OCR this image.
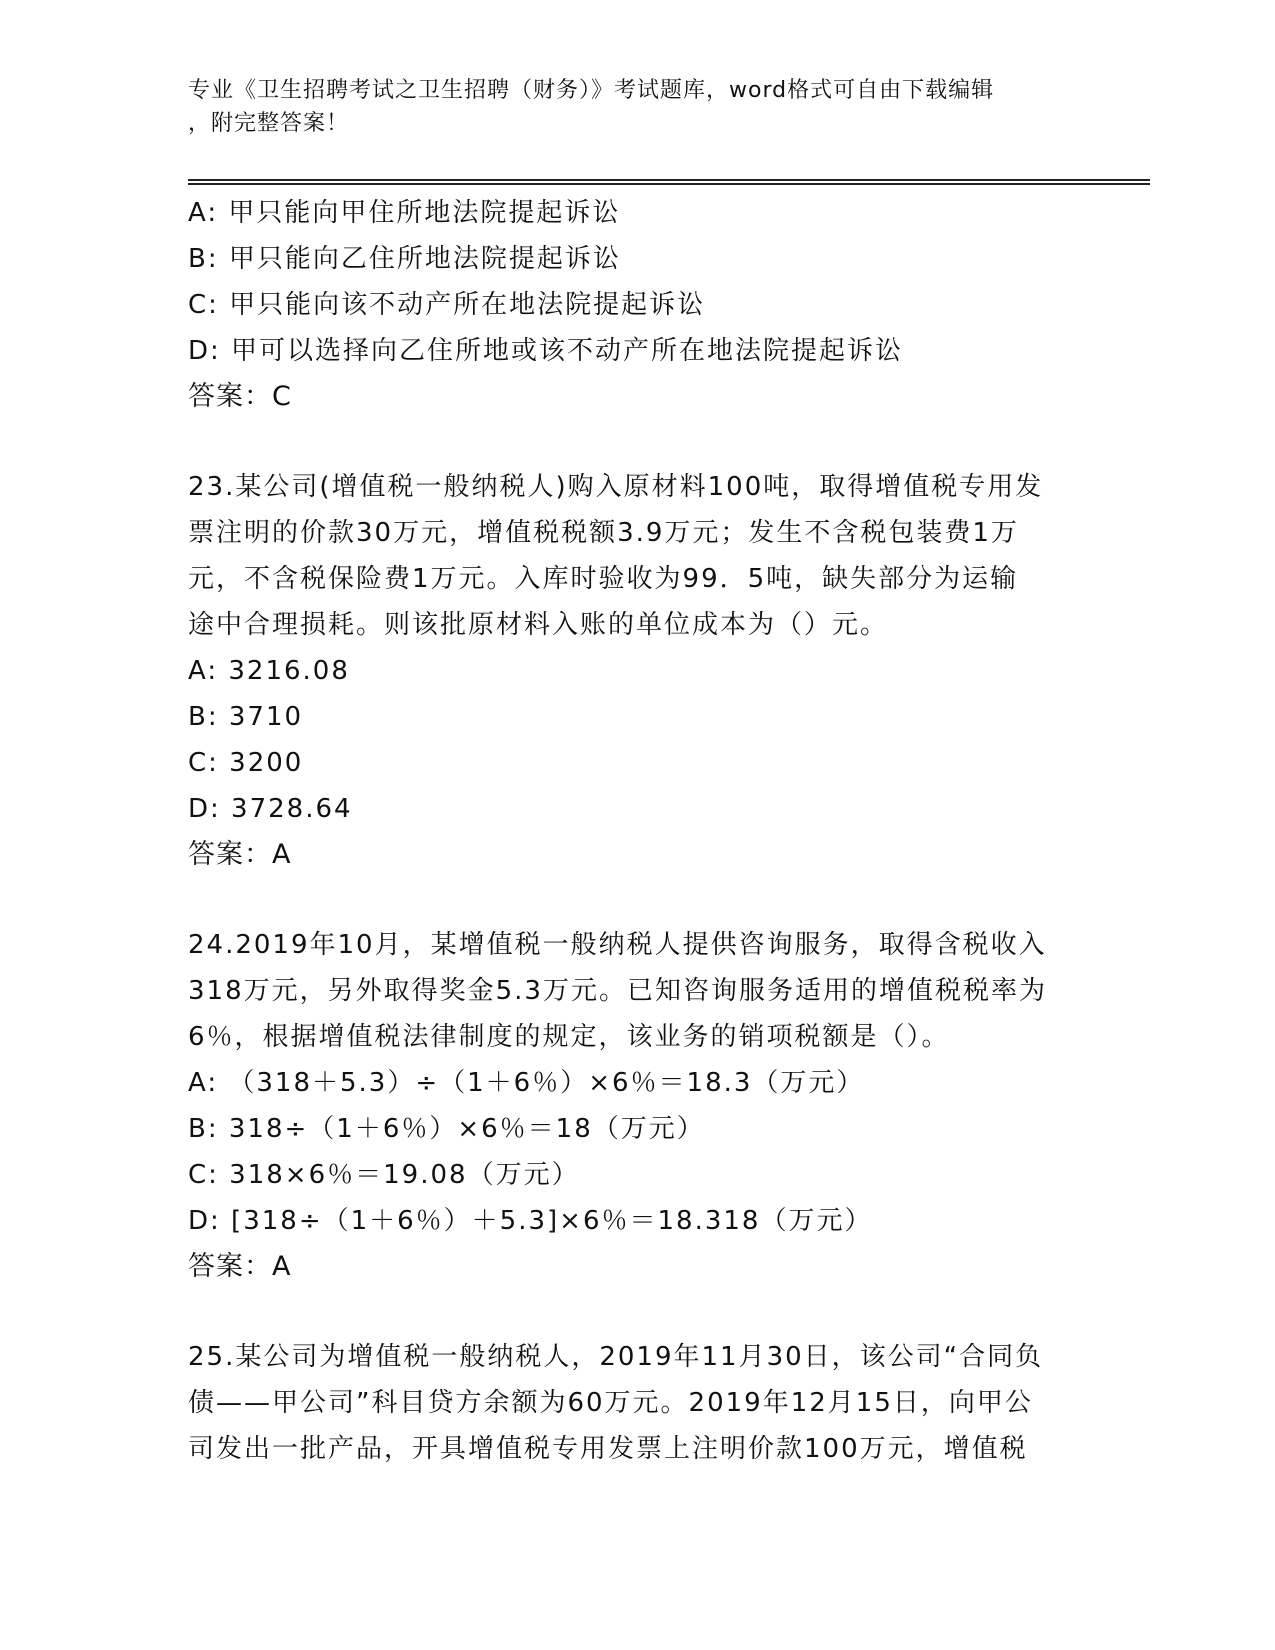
专业《卫生招聘考试之卫生招聘（财务）》考试题库，word格式可自由下载编辑
，附完整答案！
A: 甲只能向甲住所地法院提起诉讼
B: 甲只能向乙住所地法院提起诉讼
C: 甲只能向该不动产所在地法院提起诉讼
D: 甲可以选择向乙住所地或该不动产所在地法院提起诉讼
答案：C
23.某公司(增值税一般纳税人)购入原材料100吨，取得增值税专用发
票注明的价款30万元，增值税税额3.9万元；发生不含税包装费1万
元，不含税保险费1万元。入库时验收为99．5吨，缺失部分为运输
途中合理损耗。则该批原材料入账的单位成本为（）元。
A: 3216.08
B: 3710
C: 3200
D: 3728.64
答案：A
24.2019年10月，某增值税一般纳税人提供咨询服务，取得含税收入
318万元，另外取得奖金5.3万元。已知咨询服务适用的增值税税率为
6％，根据增值税法律制度的规定，该业务的销项税额是（）。
A: （318＋5.3）÷（1＋6％）×6％＝18.3（万元）
B: 318÷（1＋6％）×6％＝18（万元）
C: 318×6％＝19.08（万元）
D: [318÷（1＋6％）＋5.3]×6％＝18.318（万元）
答案：A
25.某公司为增值税一般纳税人，2019年11月30日，该公司“合同负
债——甲公司”科目贷方余额为60万元。2019年12月15日，向甲公
司发出一批产品，开具增值税专用发票上注明价款100万元，增值税
